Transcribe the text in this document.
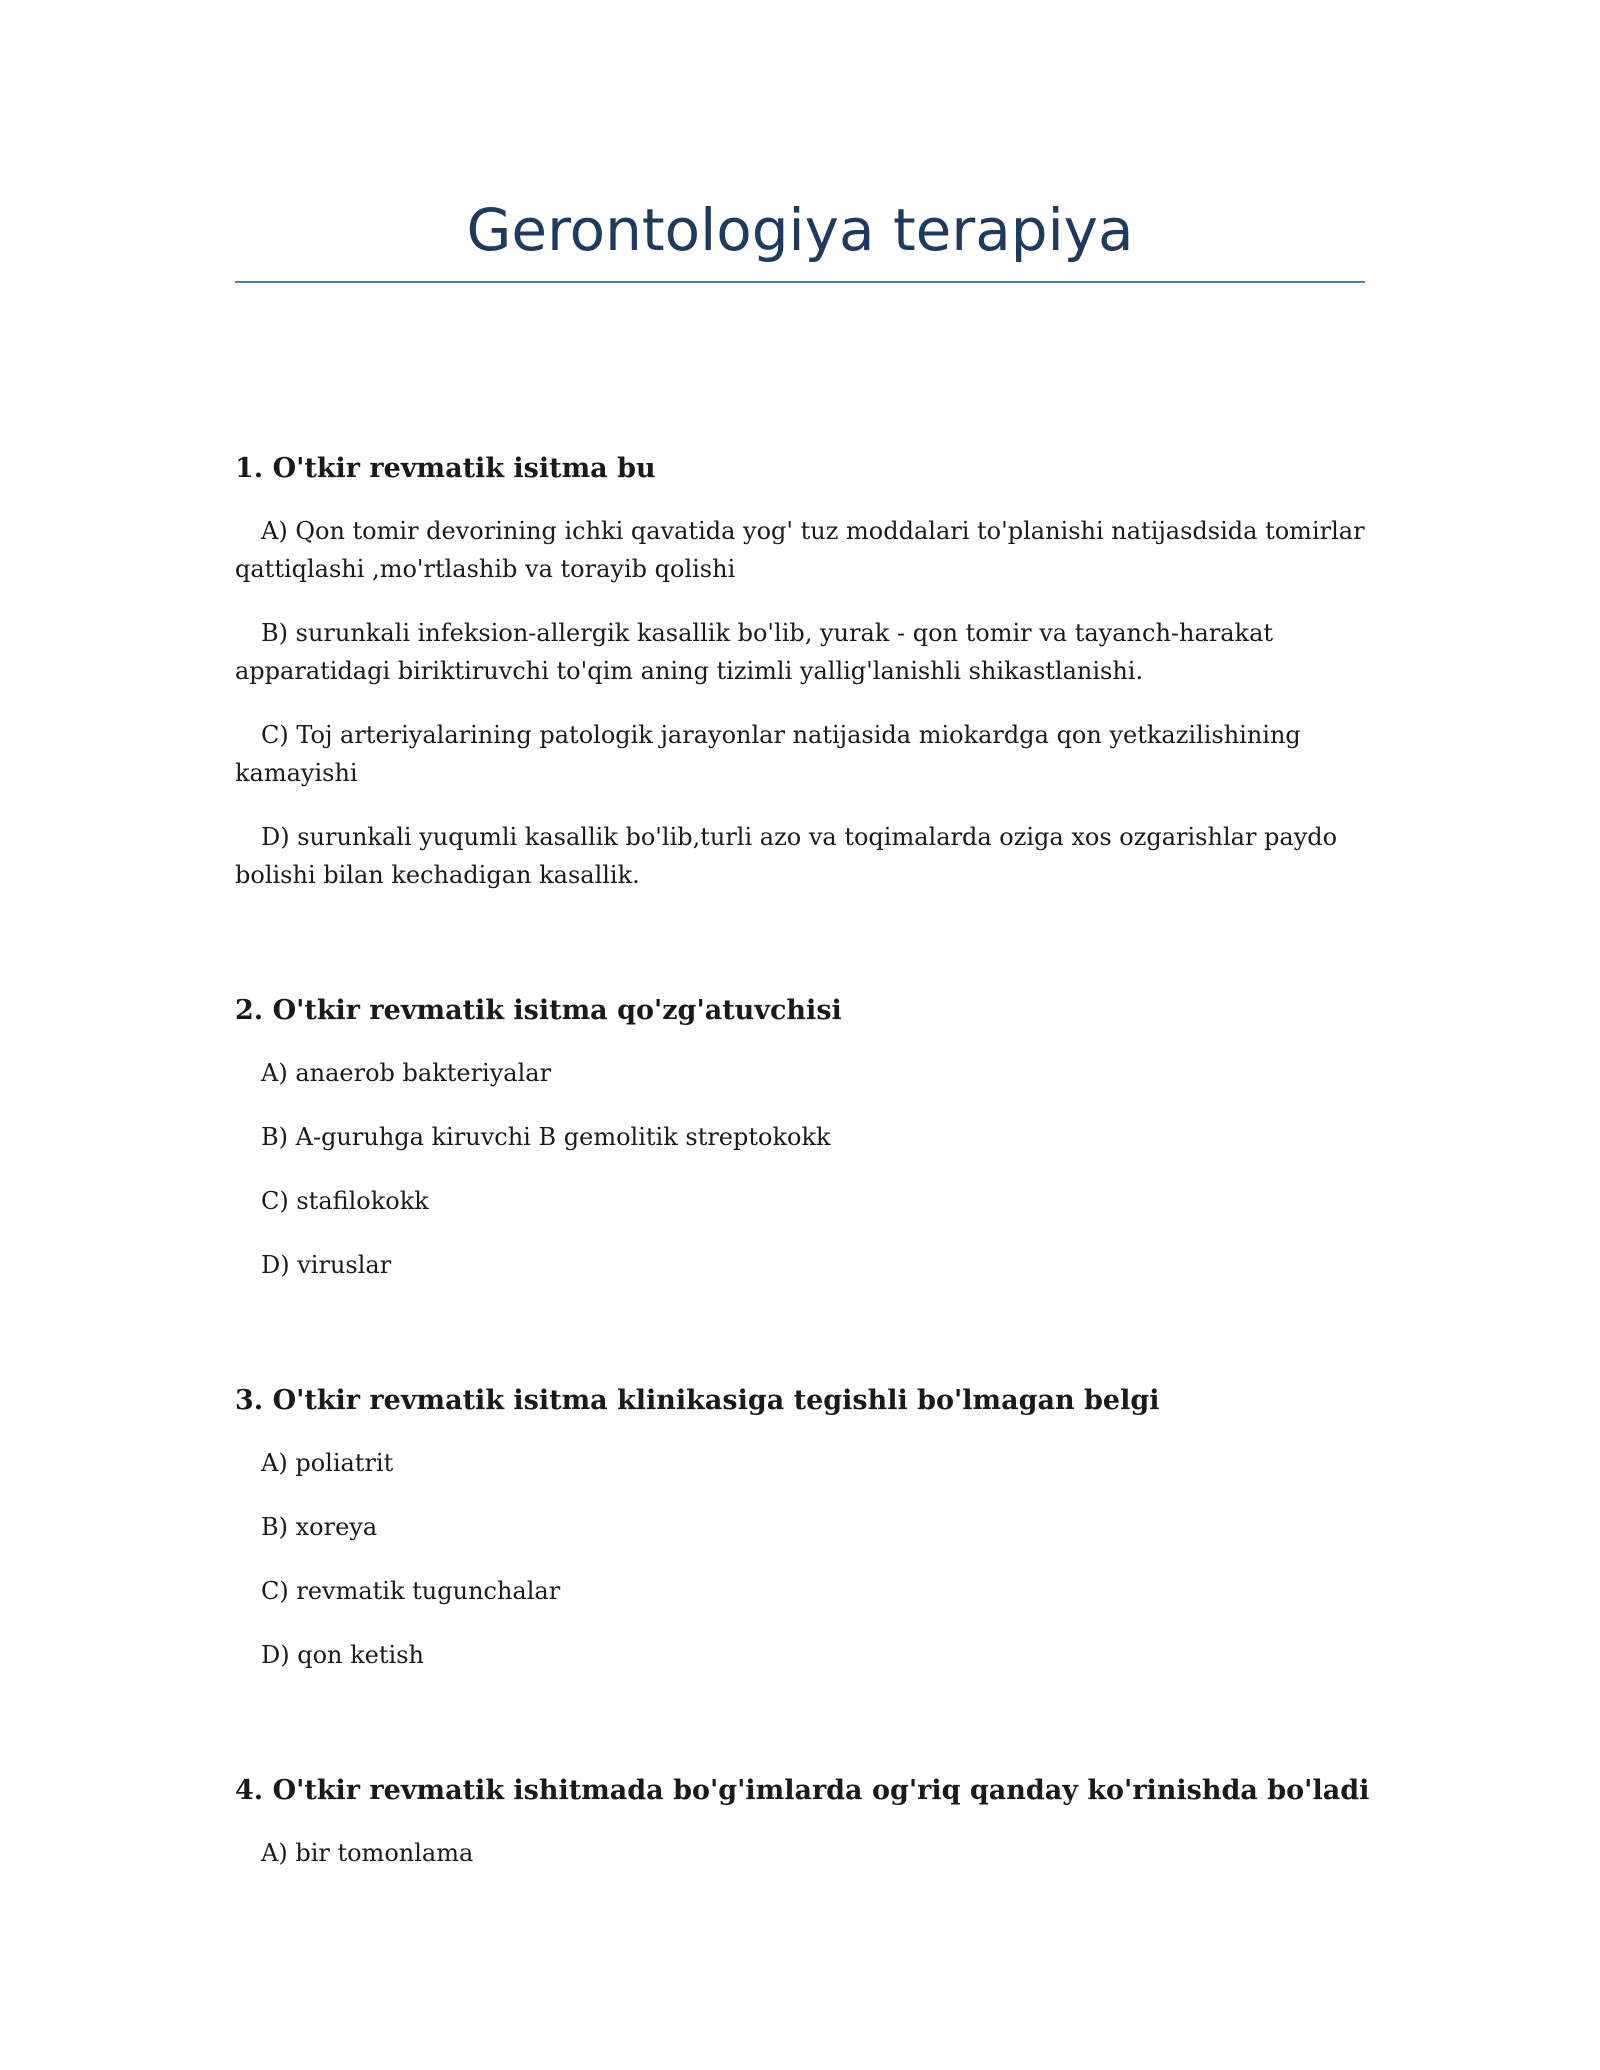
Gerontologiya terapiya
1. O'tkir revmatik isitma bu

A) Qon tomir devorining ichki qavatida yog' tuz moddalari to'planishi natijasdsida tomirlar qattiqlashi ,mo'rtlashib va torayib qolishi

B) surunkali infeksion-allergik kasallik bo'lib, yurak - qon tomir va tayanch-harakat apparatidagi biriktiruvchi to'qim aning tizimli yallig'lanishli shikastlanishi.

C) Toj arteriyalarining patologik jarayonlar natijasida miokardga qon yetkazilishining kamayishi

D) surunkali yuqumli kasallik bo'lib,turli azo va toqimalarda oziga xos ozgarishlar paydo bolishi bilan kechadigan kasallik.

2. O'tkir revmatik isitma qo'zg'atuvchisi

A) anaerob bakteriyalar

B) A-guruhga kiruvchi B gemolitik streptokokk

C) stafilokokk

D) viruslar

3. O'tkir revmatik isitma klinikasiga tegishli bo'lmagan belgi

A) poliatrit

B) xoreya

C) revmatik tugunchalar

D) qon ketish

4. O'tkir revmatik ishitmada bo'g'imlarda og'riq qanday ko'rinishda bo'ladi

A) bir tomonlama
